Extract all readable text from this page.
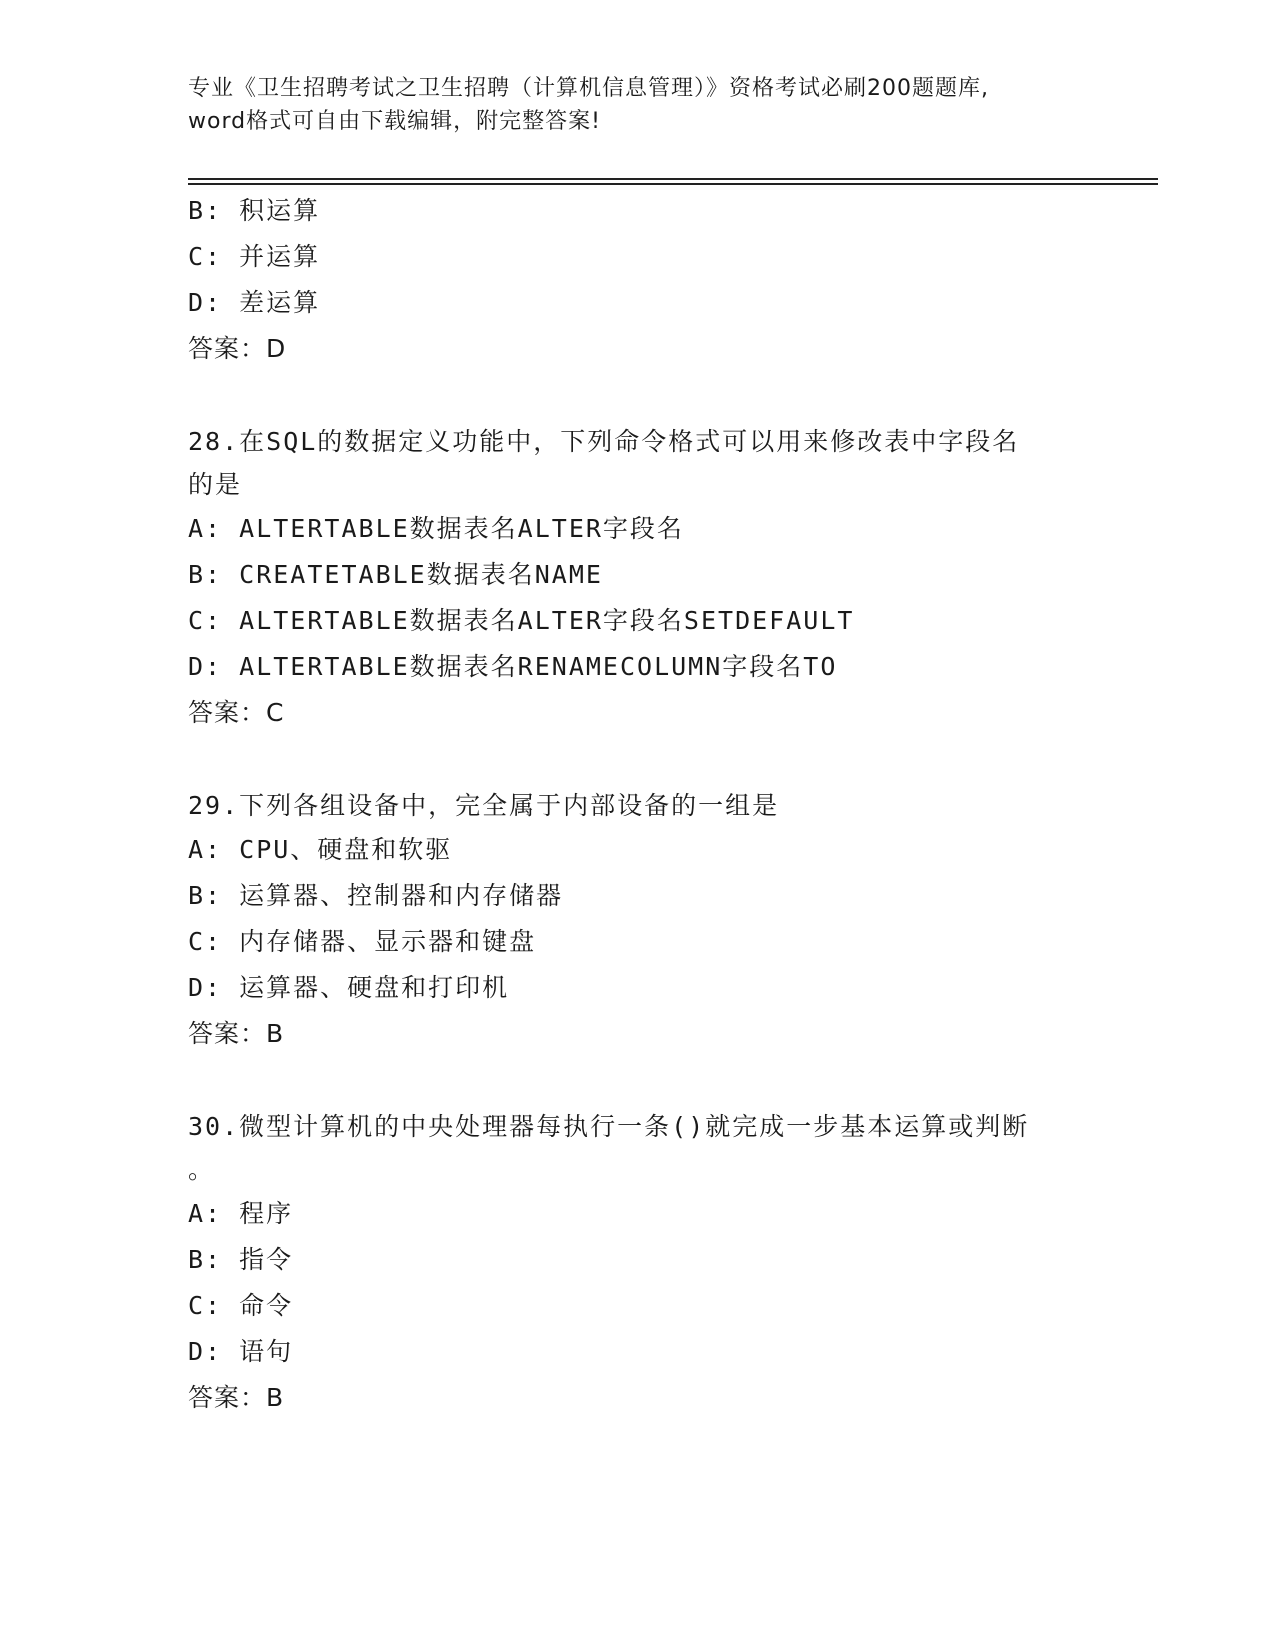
专业《卫生招聘考试之卫生招聘（计算机信息管理）》资格考试必刷200题题库,
word格式可自由下载编辑，附完整答案!
B: 积运算
C: 并运算
D: 差运算
答案：D
28.在SQL的数据定义功能中，下列命令格式可以用来修改表中字段名
的是
A: ALTERTABLE数据表名ALTER字段名
B: CREATETABLE数据表名NAME
C: ALTERTABLE数据表名ALTER字段名SETDEFAULT
D: ALTERTABLE数据表名RENAMECOLUMN字段名TO
答案：C
29.下列各组设备中，完全属于内部设备的一组是
A: CPU、硬盘和软驱
B: 运算器、控制器和内存储器
C: 内存储器、显示器和键盘
D: 运算器、硬盘和打印机
答案：B
30.微型计算机的中央处理器每执行一条()就完成一步基本运算或判断
。
A: 程序
B: 指令
C: 命令
D: 语句
答案：B
